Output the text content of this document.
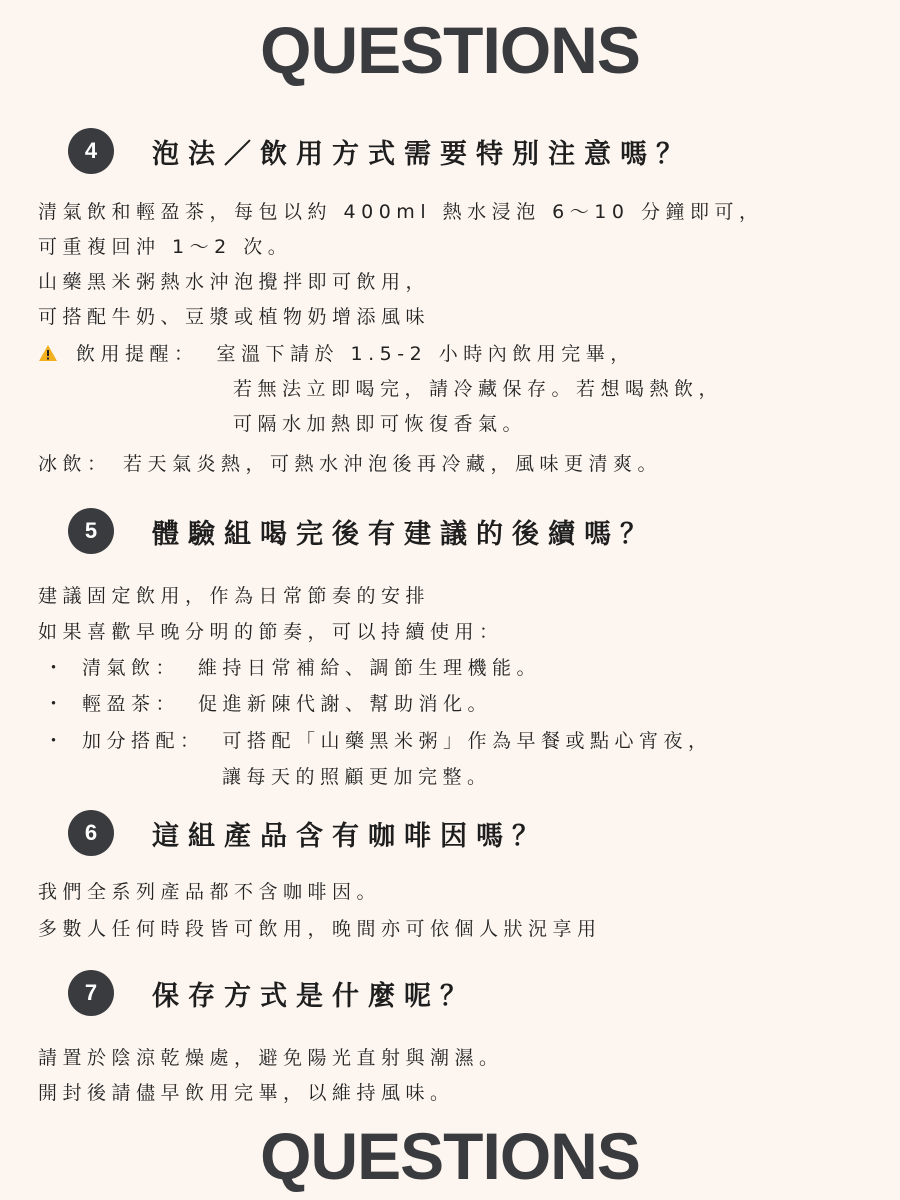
QUESTIONS
4	泡法／飲用方式需要特別注意嗎？
清氣飲和輕盈茶，每包以約 400ml 熱水浸泡 6～10 分鐘即可，
可重複回沖 1～2 次。
山藥黑米粥熱水沖泡攪拌即可飲用，
可搭配牛奶、豆漿或植物奶增添風味
飲用提醒： 室溫下請於 1.5-2 小時內飲用完畢，
若無法立即喝完，請冷藏保存。若想喝熱飲，
可隔水加熱即可恢復香氣。
冰飲： 若天氣炎熱，可熱水沖泡後再冷藏，風味更清爽。
5	體驗組喝完後有建議的後續嗎？
建議固定飲用，作為日常節奏的安排
如果喜歡早晚分明的節奏，可以持續使用：
・ 清氣飲： 維持日常補給、調節生理機能。
・ 輕盈茶： 促進新陳代謝、幫助消化。
・ 加分搭配： 可搭配「山藥黑米粥」作為早餐或點心宵夜，
讓每天的照顧更加完整。
6	這組產品含有咖啡因嗎？
我們全系列產品都不含咖啡因。
多數人任何時段皆可飲用，晚間亦可依個人狀況享用
7	保存方式是什麼呢？
請置於陰涼乾燥處，避免陽光直射與潮濕。
開封後請儘早飲用完畢，以維持風味。
QUESTIONS
